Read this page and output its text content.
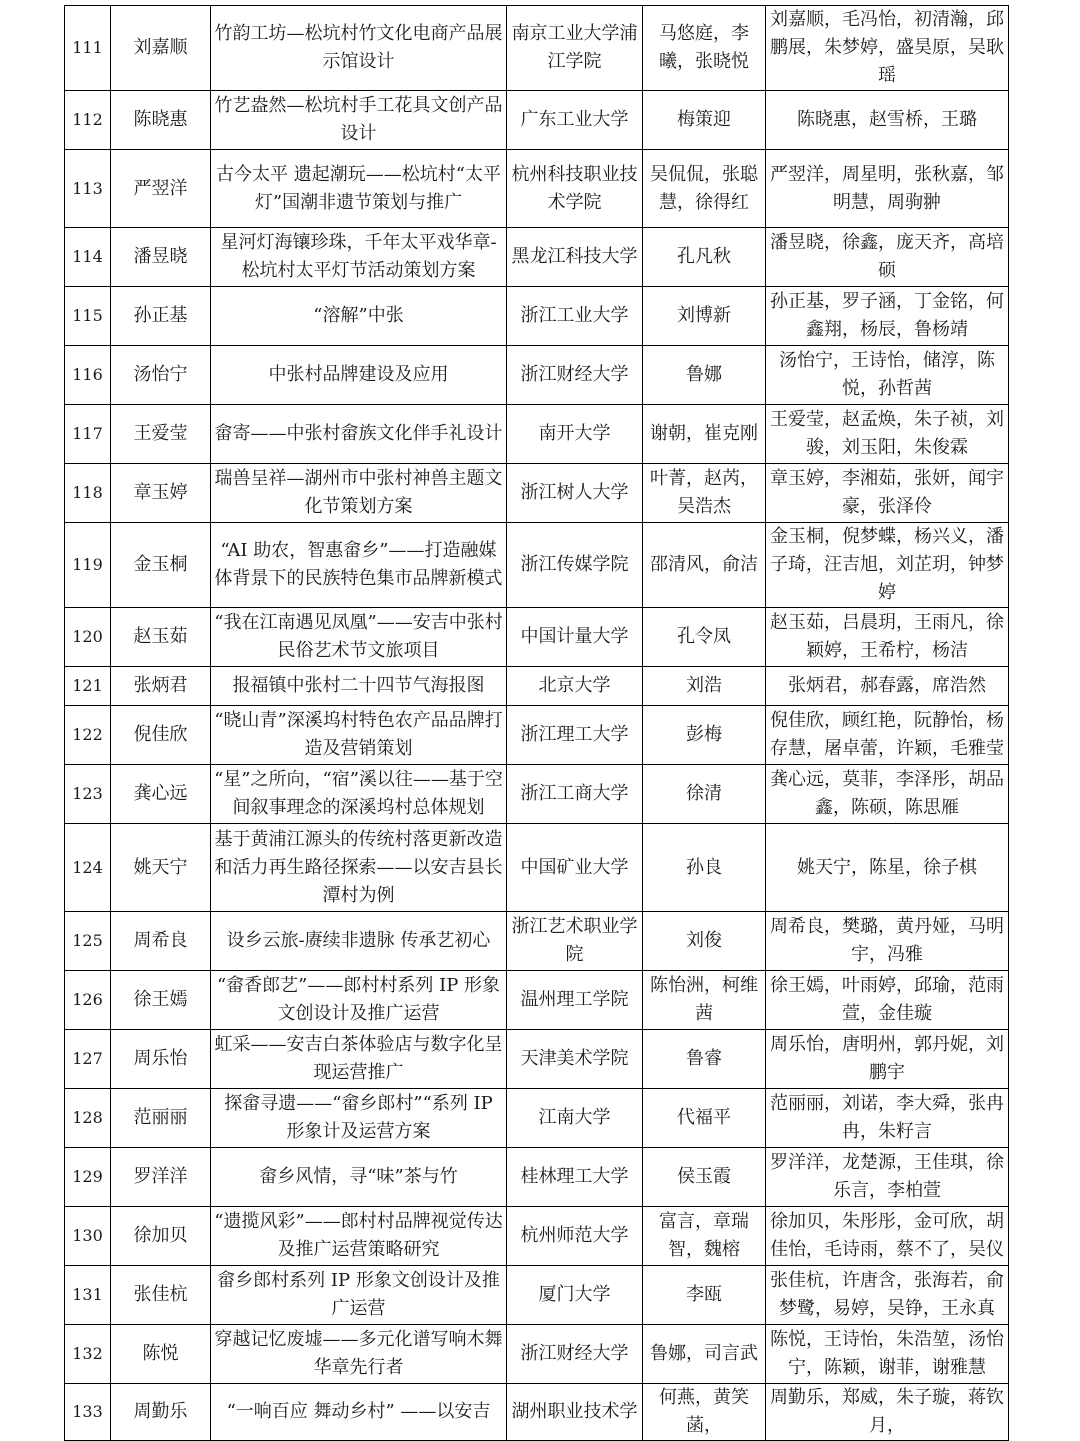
111	刘嘉顺	竹韵工坊—松坑村竹文化电商产品展示馆设计	南京工业大学浦江学院	马悠庭，李曦，张晓悦	刘嘉顺，毛冯怡，初清瀚，邱鹏展，朱梦婷，盛昊原，吴耿瑶
112	陈晓惠	竹艺盎然—松坑村手工花具文创产品设计	广东工业大学	梅策迎	陈晓惠，赵雪桥，王璐
113	严翌洋	古今太平 遗起潮玩——松坑村“太平灯”国潮非遗节策划与推广	杭州科技职业技术学院	吴侃侃，张聪慧，徐得红	严翌洋，周星明，张秋嘉，邹明慧，周驹翀
114	潘昱晓	星河灯海镶珍珠，千年太平戏华章-松坑村太平灯节活动策划方案	黑龙江科技大学	孔凡秋	潘昱晓，徐鑫，庞天齐，高培硕
115	孙正基	“溶解”中张	浙江工业大学	刘博新	孙正基，罗子涵，丁金铭，何鑫翔，杨辰，鲁杨靖
116	汤怡宁	中张村品牌建设及应用	浙江财经大学	鲁娜	汤怡宁，王诗怡，储淳，陈悦，孙哲茜
117	王爱莹	畲寄——中张村畲族文化伴手礼设计	南开大学	谢朝，崔克刚	王爱莹，赵孟焕，朱子祯，刘骏，刘玉阳，朱俊霖
118	章玉婷	瑞兽呈祥—湖州市中张村神兽主题文化节策划方案	浙江树人大学	叶菁，赵芮，吴浩杰	章玉婷，李湘茹，张妍，闻宇豪，张泽伶
119	金玉桐	“AI 助农，智惠畲乡”——打造融媒体背景下的民族特色集市品牌新模式	浙江传媒学院	邵清风，俞洁	金玉桐，倪梦蝶，杨兴义，潘子琦，汪吉旭，刘芷玥，钟梦婷
120	赵玉茹	“我在江南遇见凤凰”——安吉中张村民俗艺术节文旅项目	中国计量大学	孔令凤	赵玉茹，吕晨玥，王雨凡，徐颖婷，王希柠，杨洁
121	张炳君	报福镇中张村二十四节气海报图	北京大学	刘浩	张炳君，郝春露，席浩然
122	倪佳欣	“晓山青”深溪坞村特色农产品品牌打造及营销策划	浙江理工大学	彭梅	倪佳欣，顾红艳，阮静怡，杨存慧，屠卓蕾，许颖，毛雅莹
123	龚心远	“星”之所向，“宿”溪以往——基于空间叙事理念的深溪坞村总体规划	浙江工商大学	徐清	龚心远，莫菲，李泽彤，胡品鑫，陈硕，陈思雁
124	姚天宁	基于黄浦江源头的传统村落更新改造和活力再生路径探索——以安吉县长潭村为例	中国矿业大学	孙良	姚天宁，陈星，徐子棋
125	周希良	设乡云旅-赓续非遗脉 传承艺初心	浙江艺术职业学院	刘俊	周希良，樊璐，黄丹娅，马明宇，冯雅
126	徐王嫣	“畲香郎艺”——郎村村系列 IP 形象文创设计及推广运营	温州理工学院	陈怡洲，柯维茜	徐王嫣，叶雨婷，邱瑜，范雨萱，金佳璇
127	周乐怡	虹采——安吉白茶体验店与数字化呈现运营推广	天津美术学院	鲁睿	周乐怡，唐明州，郭丹妮，刘鹏宇
128	范丽丽	探畲寻遗——“畲乡郎村”“系列 IP 形象计及运营方案	江南大学	代福平	范丽丽，刘诺，李大舜，张冉冉，朱籽言
129	罗洋洋	畲乡风情，寻“味”茶与竹	桂林理工大学	侯玉霞	罗洋洋，龙楚源，王佳琪，徐乐言，李柏萱
130	徐加贝	“遗揽风彩”——郎村村品牌视觉传达及推广运营策略研究	杭州师范大学	富言，章瑞智，魏榕	徐加贝，朱彤彤，金可欣，胡佳怡，毛诗雨，蔡不了，吴仪
131	张佳杭	畲乡郎村系列 IP 形象文创设计及推广运营	厦门大学	李瓯	张佳杭，许唐含，张海若，俞梦鹭，易婷，吴铮，王永真
132	陈悦	穿越记忆废墟——多元化谱写响木舞华章先行者	浙江财经大学	鲁娜，司言武	陈悦，王诗怡，朱浩堃，汤怡宁，陈颖，谢菲，谢雅慧
133	周勤乐	“一响百应 舞动乡村” ——以安吉	湖州职业技术学	何燕，黄笑菡，	周勤乐，郑威，朱子璇，蒋钦月，
